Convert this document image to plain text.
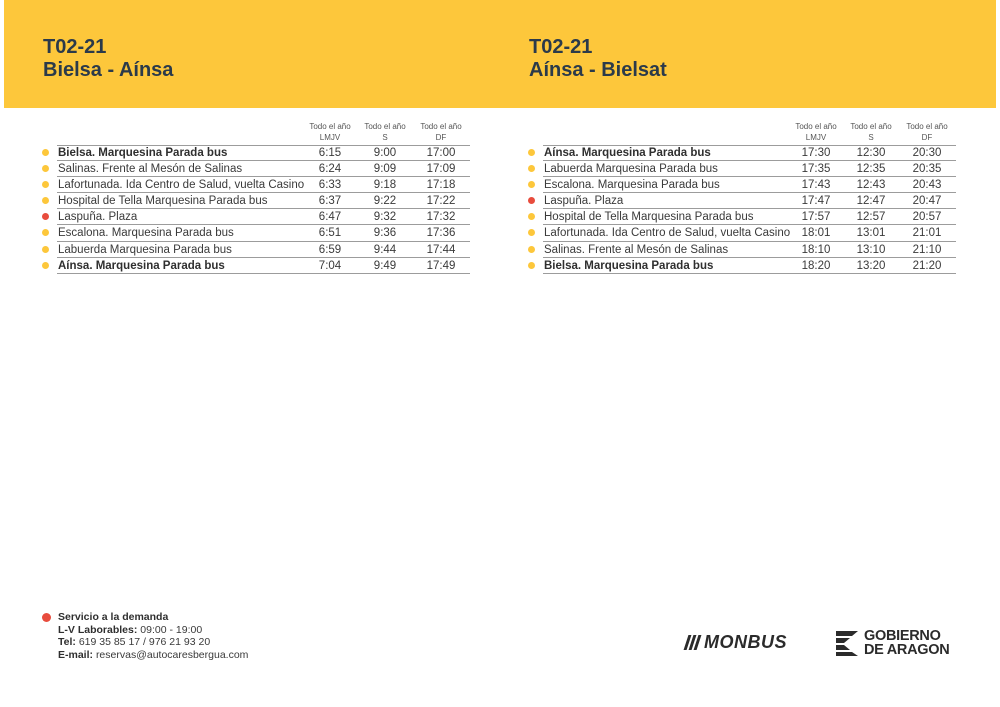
T02-21
Bielsa - Aínsa
T02-21
Aínsa - Bielsat
Todo el año
LMJV
Todo el año
S
Todo el año
DF
Bielsa. Marquesina Parada bus	6:15	9:00	17:00
Salinas. Frente al Mesón de Salinas	6:24	9:09	17:09
Lafortunada. Ida Centro de Salud, vuelta Casino	6:33	9:18	17:18
Hospital de Tella Marquesina Parada bus	6:37	9:22	17:22
Laspuña. Plaza	6:47	9:32	17:32
Escalona. Marquesina Parada bus	6:51	9:36	17:36
Labuerda Marquesina Parada bus	6:59	9:44	17:44
Aínsa. Marquesina Parada bus	7:04	9:49	17:49
Todo el año
LMJV
Todo el año
S
Todo el año
DF
Aínsa. Marquesina Parada bus	17:30	12:30	20:30
Labuerda Marquesina Parada bus	17:35	12:35	20:35
Escalona. Marquesina Parada bus	17:43	12:43	20:43
Laspuña. Plaza	17:47	12:47	20:47
Hospital de Tella Marquesina Parada bus	17:57	12:57	20:57
Lafortunada. Ida Centro de Salud, vuelta Casino 18:01	13:01	21:01
Salinas. Frente al Mesón de Salinas	18:10	13:10	21:10
Bielsa. Marquesina Parada bus	18:20	13:20	21:20
Servicio a la demanda
L-V Laborables: 09:00 - 19:00
Tel: 619 35 85 17 / 976 21 93 20
E-mail: reservas@autocaresbergua.com
MONBUS	GOBIERNO
DE ARAGON
